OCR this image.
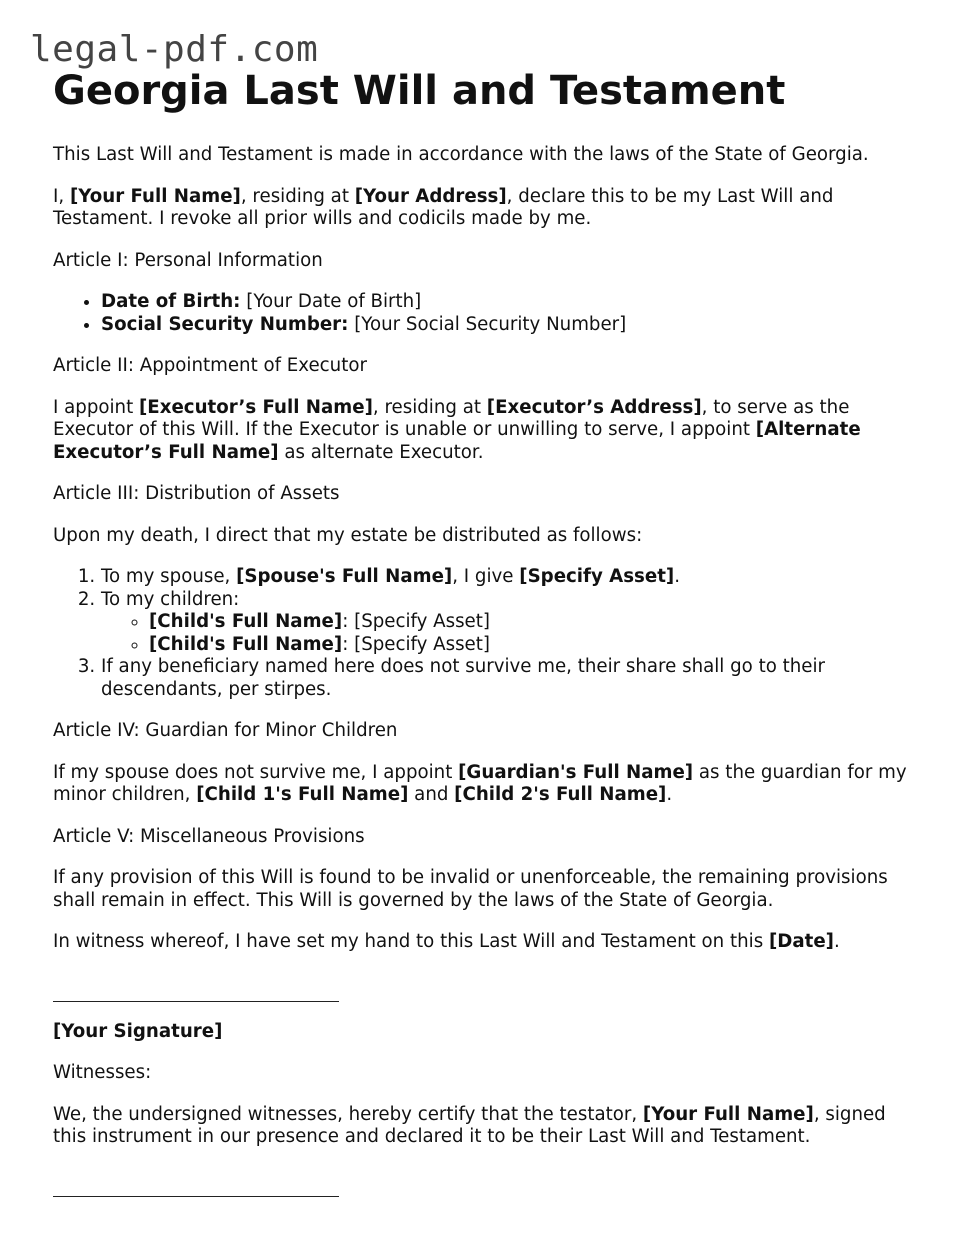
legal-pdf.com
Georgia Last Will and Testament

This Last Will and Testament is made in accordance with the laws of the State of Georgia.

I, [Your Full Name], residing at [Your Address], declare this to be my Last Will and Testament. I revoke all prior wills and codicils made by me.

Article I: Personal Information

• Date of Birth: [Your Date of Birth]
• Social Security Number: [Your Social Security Number]

Article II: Appointment of Executor

I appoint [Executor’s Full Name], residing at [Executor’s Address], to serve as the Executor of this Will. If the Executor is unable or unwilling to serve, I appoint [Alternate Executor’s Full Name] as alternate Executor.

Article III: Distribution of Assets

Upon my death, I direct that my estate be distributed as follows:

1. To my spouse, [Spouse's Full Name], I give [Specify Asset].
2. To my children:
◦ [Child's Full Name]: [Specify Asset]
◦ [Child's Full Name]: [Specify Asset]
3. If any beneficiary named here does not survive me, their share shall go to their descendants, per stirpes.

Article IV: Guardian for Minor Children

If my spouse does not survive me, I appoint [Guardian's Full Name] as the guardian for my minor children, [Child 1's Full Name] and [Child 2's Full Name].

Article V: Miscellaneous Provisions

If any provision of this Will is found to be invalid or unenforceable, the remaining provisions shall remain in effect. This Will is governed by the laws of the State of Georgia.

In witness whereof, I have set my hand to this Last Will and Testament on this [Date].

[Your Signature]

Witnesses:

We, the undersigned witnesses, hereby certify that the testator, [Your Full Name], signed this instrument in our presence and declared it to be their Last Will and Testament.
